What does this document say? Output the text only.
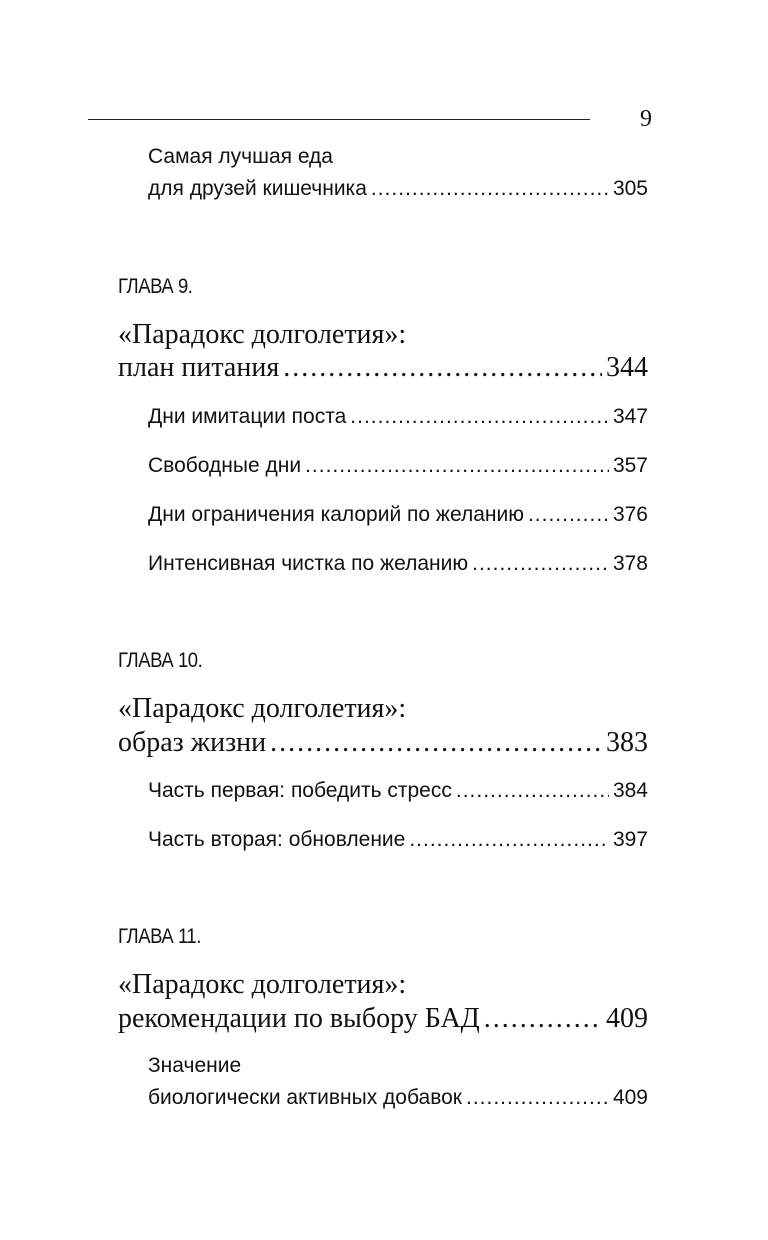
9
Самая лучшая еда
для друзей кишечника .....	305
ГЛАВА 9.
«Парадокс долголетия»:
план питания .....	344
Дни имитации поста .....	347
Свободные дни .....	357
Дни ограничения калорий по желанию .....	376
Интенсивная чистка по желанию .....	378
ГЛАВА 10.
«Парадокс долголетия»:
образ жизни .....	383
Часть первая: победить стресс .....	384
Часть вторая: обновление .....	397
ГЛАВА 11.
«Парадокс долголетия»:
рекомендации по выбору БАД .....	409
Значение
биологически активных добавок .....	409
